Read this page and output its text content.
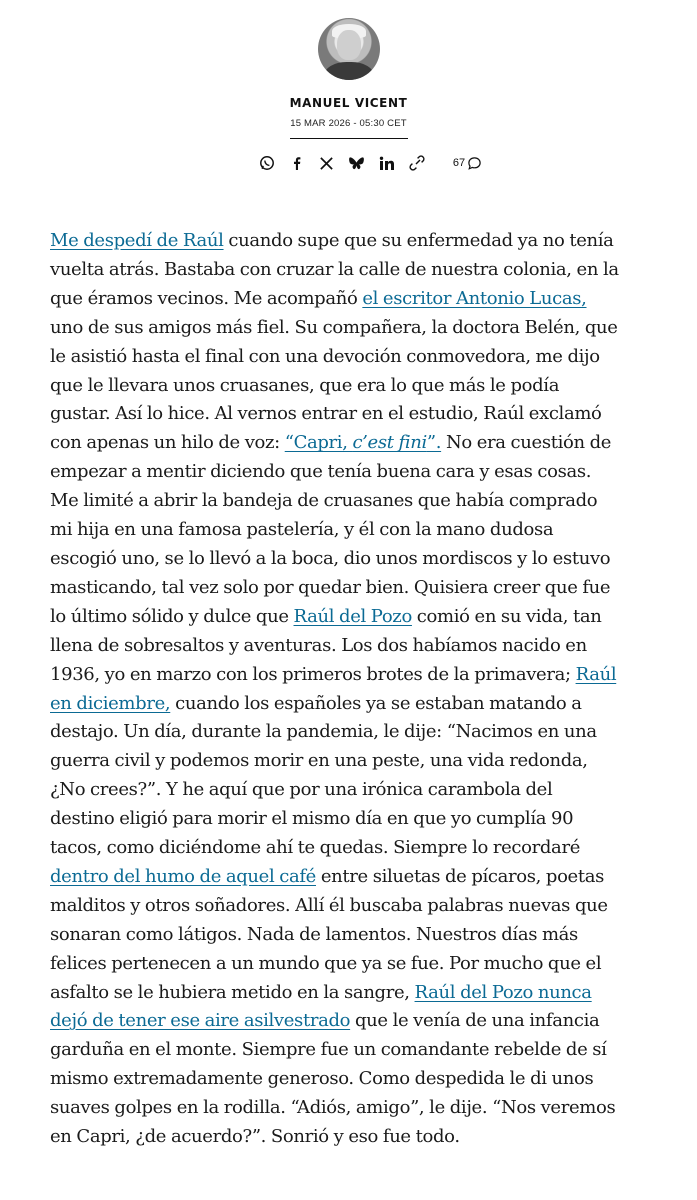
MANUEL VICENT
15 MAR 2026 - 05:30 CET
67
Me despedí de Raúl cuando supe que su enfermedad ya no tenía
vuelta atrás. Bastaba con cruzar la calle de nuestra colonia, en la
que éramos vecinos. Me acompañó el escritor Antonio Lucas,
uno de sus amigos más fiel. Su compañera, la doctora Belén, que
le asistió hasta el final con una devoción conmovedora, me dijo
que le llevara unos cruasanes, que era lo que más le podía
gustar. Así lo hice. Al vernos entrar en el estudio, Raúl exclamó
con apenas un hilo de voz: “Capri, c’est fini”. No era cuestión de
empezar a mentir diciendo que tenía buena cara y esas cosas.
Me limité a abrir la bandeja de cruasanes que había comprado
mi hija en una famosa pastelería, y él con la mano dudosa
escogió uno, se lo llevó a la boca, dio unos mordiscos y lo estuvo
masticando, tal vez solo por quedar bien. Quisiera creer que fue
lo último sólido y dulce que Raúl del Pozo comió en su vida, tan
llena de sobresaltos y aventuras. Los dos habíamos nacido en
1936, yo en marzo con los primeros brotes de la primavera; Raúl
en diciembre, cuando los españoles ya se estaban matando a
destajo. Un día, durante la pandemia, le dije: “Nacimos en una
guerra civil y podemos morir en una peste, una vida redonda,
¿No crees?”. Y he aquí que por una irónica carambola del
destino eligió para morir el mismo día en que yo cumplía 90
tacos, como diciéndome ahí te quedas. Siempre lo recordaré
dentro del humo de aquel café entre siluetas de pícaros, poetas
malditos y otros soñadores. Allí él buscaba palabras nuevas que
sonaran como látigos. Nada de lamentos. Nuestros días más
felices pertenecen a un mundo que ya se fue. Por mucho que el
asfalto se le hubiera metido en la sangre, Raúl del Pozo nunca
dejó de tener ese aire asilvestrado que le venía de una infancia
garduña en el monte. Siempre fue un comandante rebelde de sí
mismo extremadamente generoso. Como despedida le di unos
suaves golpes en la rodilla. “Adiós, amigo”, le dije. “Nos veremos
en Capri, ¿de acuerdo?”. Sonrió y eso fue todo.
